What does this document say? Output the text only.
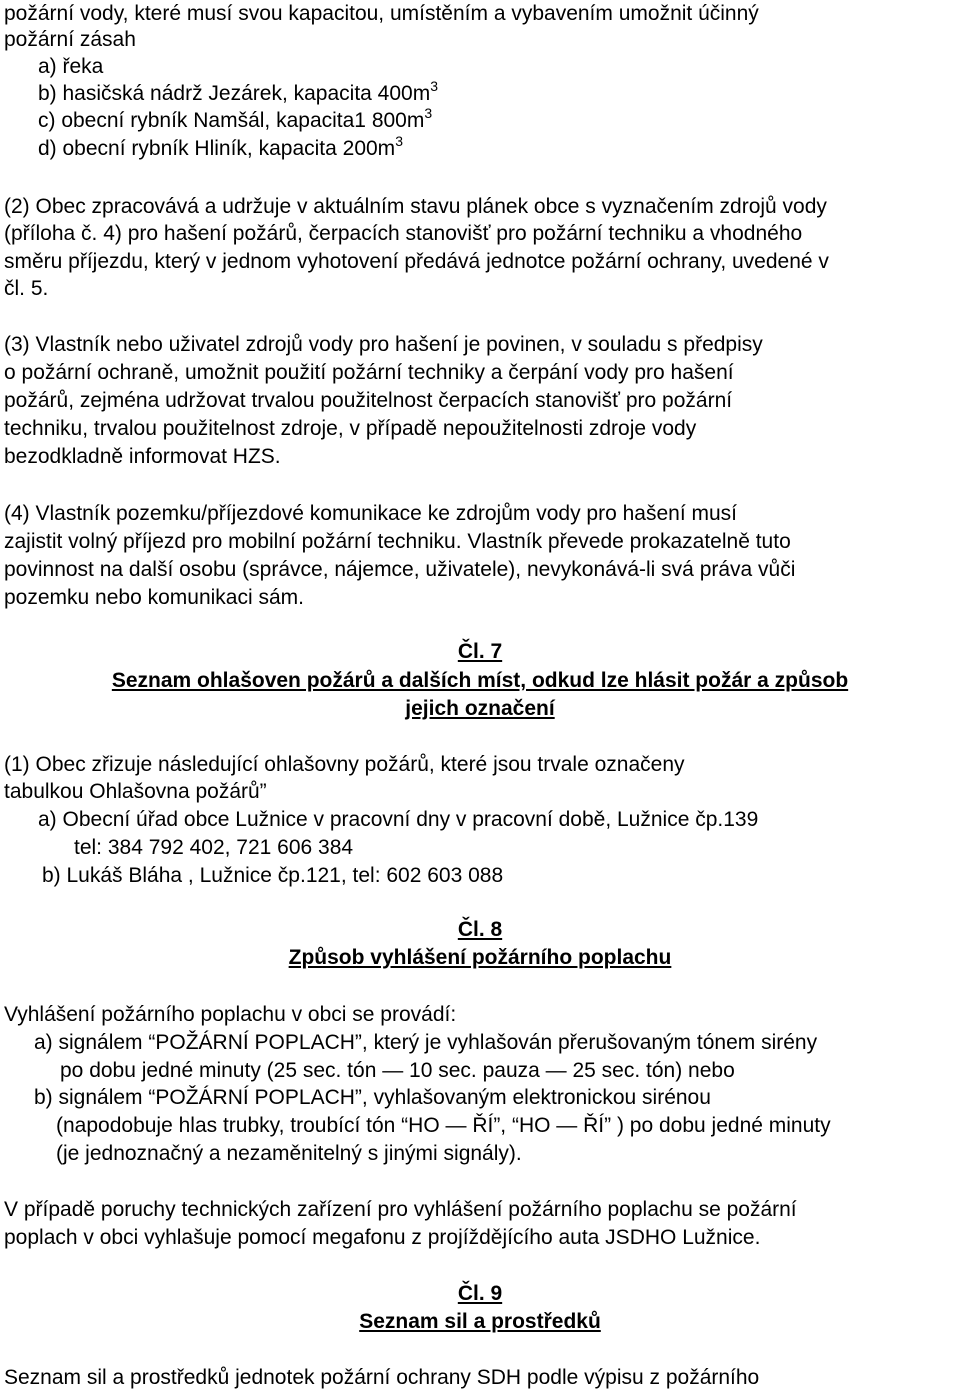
požární vody, které musí svou kapacitou, umístěním a vybavením umožnit účinný
požární zásah
a) řeka
b) hasičská nádrž Jezárek, kapacita $400m^3$
c) obecní rybník Namšál, kapacita1 $800m^3$
d) obecní rybník Hliník, kapacita $200m^3$
(2) Obec zpracovává a udržuje v aktuálním stavu plánek obce s vyznačením zdrojů vody
(příloha č. 4) pro hašení požárů, čerpacích stanovišť pro požární techniku a vhodného
směru příjezdu, který v jednom vyhotovení předává jednotce požární ochrany, uvedené v
čl. 5.
(3) Vlastník nebo uživatel zdrojů vody pro hašení je povinen, v souladu s předpisy
o požární ochraně, umožnit použití požární techniky a čerpání vody pro hašení
požárů, zejména udržovat trvalou použitelnost čerpacích stanovišť pro požární
techniku, trvalou použitelnost zdroje, v případě nepoužitelnosti zdroje vody
bezodkladně informovat HZS.
(4) Vlastník pozemku/příjezdové komunikace ke zdrojům vody pro hašení musí
zajistit volný příjezd pro mobilní požární techniku. Vlastník převede prokazatelně tuto
povinnost na další osobu (správce, nájemce, uživatele), nevykonává-li svá práva vůči
pozemku nebo komunikaci sám.
Čl. 7
Seznam ohlašoven požárů a dalších míst, odkud lze hlásit požár a způsob
jejich označení
(1) Obec zřizuje následující ohlašovny požárů, které jsou trvale označeny
tabulkou Ohlašovna požárů”
a) Obecní úřad obce Lužnice v pracovní dny v pracovní době, Lužnice čp.139
tel: 384 792 402, 721 606 384
b) Lukáš Bláha , Lužnice čp.121, tel: 602 603 088
Čl. 8
Způsob vyhlášení požárního poplachu
Vyhlášení požárního poplachu v obci se provádí:
a) signálem “POŽÁRNÍ POPLACH”, který je vyhlašován přerušovaným tónem sirény
po dobu jedné minuty (25 sec. tón — 10 sec. pauza — 25 sec. tón) nebo
b) signálem “POŽÁRNÍ POPLACH”, vyhlašovaným elektronickou sirénou
(napodobuje hlas trubky, troubící tón “HO — ŘÍ”, “HO — ŘÍ” ) po dobu jedné minuty
(je jednoznačný a nezaměnitelný s jinými signály).
V případě poruchy technických zařízení pro vyhlášení požárního poplachu se požární
poplach v obci vyhlašuje pomocí megafonu z projíždějícího auta JSDHO Lužnice.
Čl. 9
Seznam sil a prostředků
Seznam sil a prostředků jednotek požární ochrany SDH podle výpisu z požárního
